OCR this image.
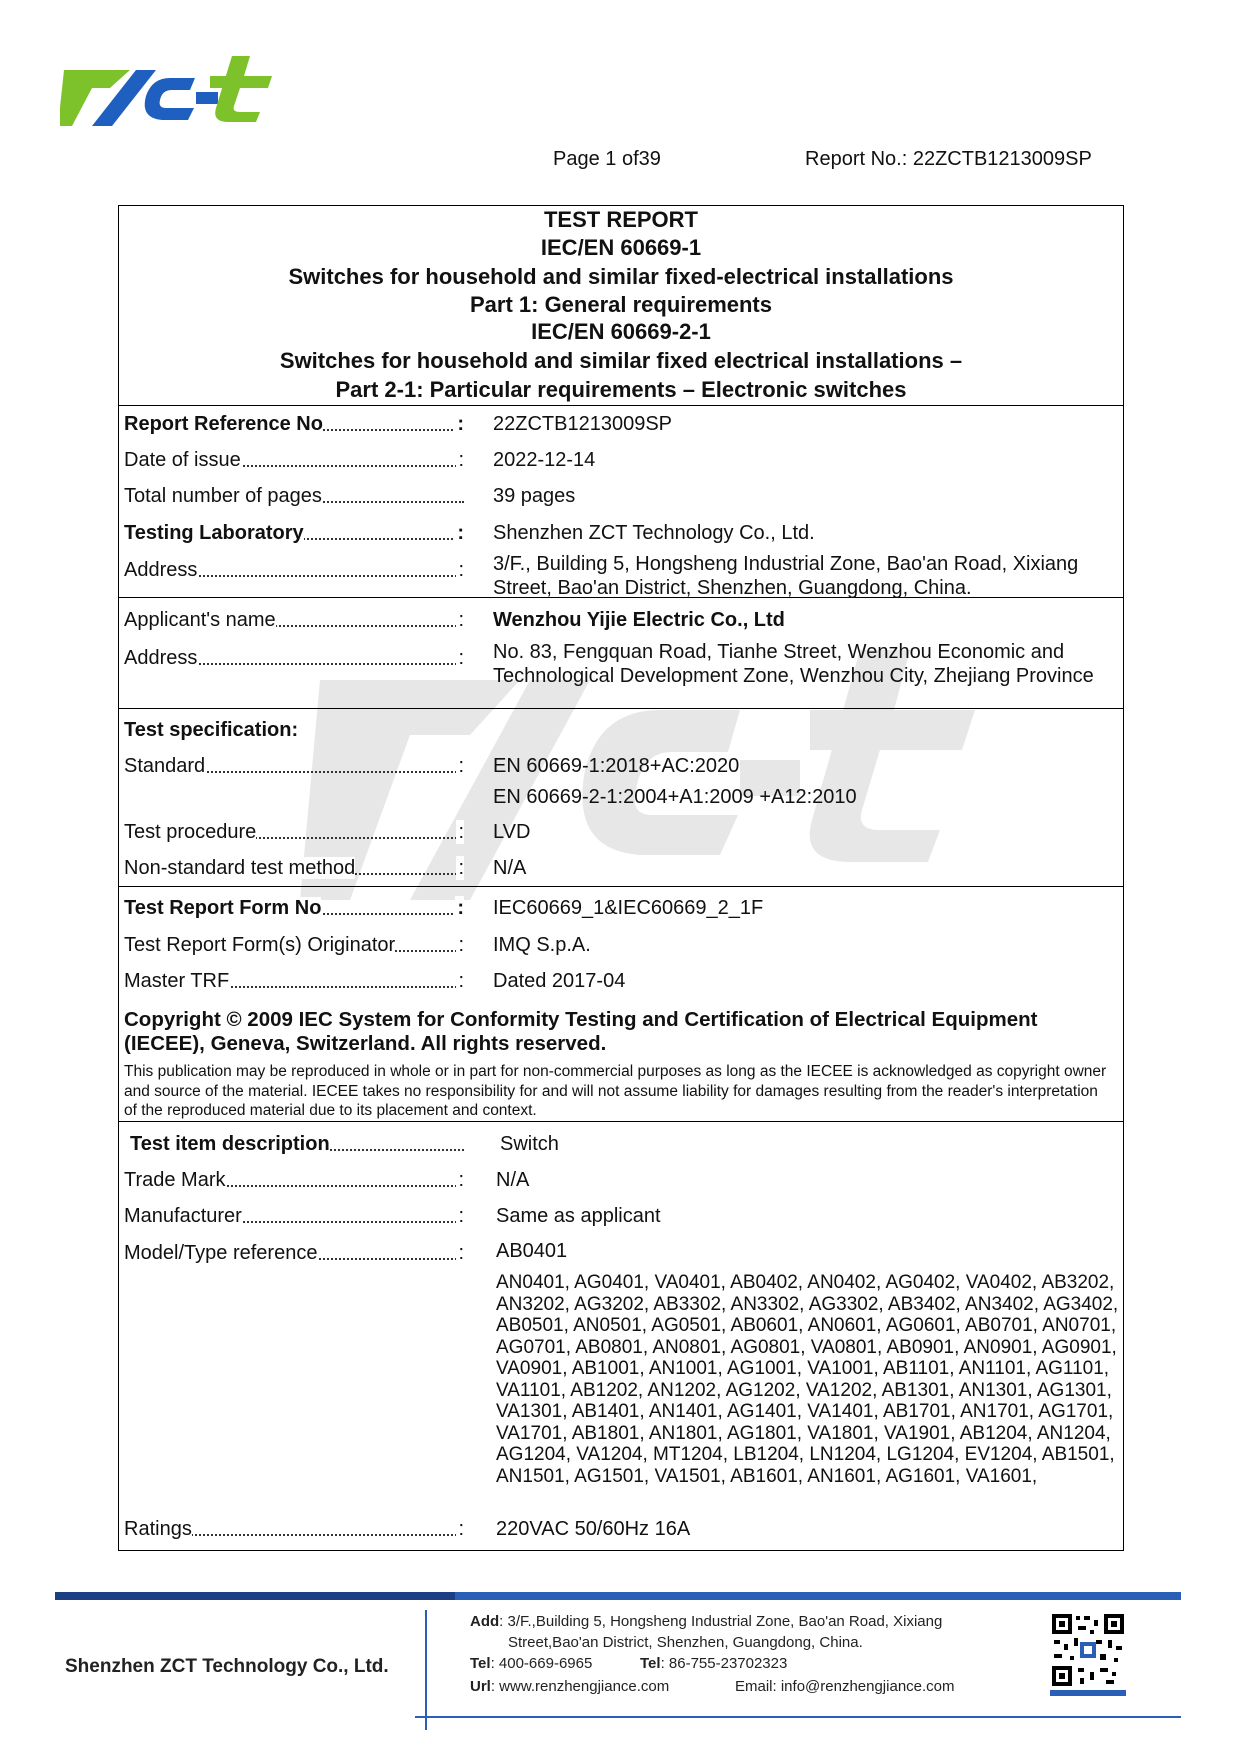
Page 1 of39	Report No.: 22ZCTB1213009SP
TEST REPORT
IEC/EN 60669-1
Switches for household and similar fixed-electrical installations
Part 1: General requirements
IEC/EN 60669-2-1
Switches for household and similar fixed electrical installations –
Part 2-1: Particular requirements – Electronic switches
Report Reference No	: 22ZCTB1213009SP
Date of issue	: 2022-12-14
Total number of pages	39 pages
Testing Laboratory	: Shenzhen ZCT Technology Co., Ltd.
Address	: 3/F., Building 5, Hongsheng Industrial Zone, Bao'an Road, Xixiang Street, Bao'an District, Shenzhen, Guangdong, China.
Applicant's name	: Wenzhou Yijie Electric Co., Ltd
Address	: No. 83, Fengquan Road, Tianhe Street, Wenzhou Economic and Technological Development Zone, Wenzhou City, Zhejiang Province
Test specification:
Standard	: EN 60669-1:2018+AC:2020
EN 60669-2-1:2004+A1:2009 +A12:2010
Test procedure	: LVD
Non-standard test method	: N/A
Test Report Form No	: IEC60669_1&IEC60669_2_1F
Test Report Form(s) Originator	: IMQ S.p.A.
Master TRF	: Dated 2017-04
Copyright © 2009 IEC System for Conformity Testing and Certification of Electrical Equipment (IECEE), Geneva, Switzerland. All rights reserved.
This publication may be reproduced in whole or in part for non-commercial purposes as long as the IECEE is acknowledged as copyright owner and source of the material. IECEE takes no responsibility for and will not assume liability for damages resulting from the reader's interpretation of the reproduced material due to its placement and context.
Test item description	Switch
Trade Mark	: N/A
Manufacturer	: Same as applicant
Model/Type reference	: AB0401
AN0401, AG0401, VA0401, AB0402, AN0402, AG0402, VA0402, AB3202, AN3202, AG3202, AB3302, AN3302, AG3302, AB3402, AN3402, AG3402, AB0501, AN0501, AG0501, AB0601, AN0601, AG0601, AB0701, AN0701, AG0701, AB0801, AN0801, AG0801, VA0801, AB0901, AN0901, AG0901, VA0901, AB1001, AN1001, AG1001, VA1001, AB1101, AN1101, AG1101, VA1101, AB1202, AN1202, AG1202, VA1202, AB1301, AN1301, AG1301, VA1301, AB1401, AN1401, AG1401, VA1401, AB1701, AN1701, AG1701, VA1701, AB1801, AN1801, AG1801, VA1801, VA1901, AB1204, AN1204, AG1204, VA1204, MT1204, LB1204, LN1204, LG1204, EV1204, AB1501, AN1501, AG1501, VA1501, AB1601, AN1601, AG1601, VA1601,
Ratings	: 220VAC 50/60Hz 16A
Shenzhen ZCT Technology Co., Ltd.
Add: 3/F.,Building 5, Hongsheng Industrial Zone, Bao'an Road, Xixiang
Street,Bao'an District, Shenzhen, Guangdong, China.
Tel: 400-669-6965	Tel: 86-755-23702323
Url: www.renzhengjiance.com	Email: info@renzhengjiance.com
